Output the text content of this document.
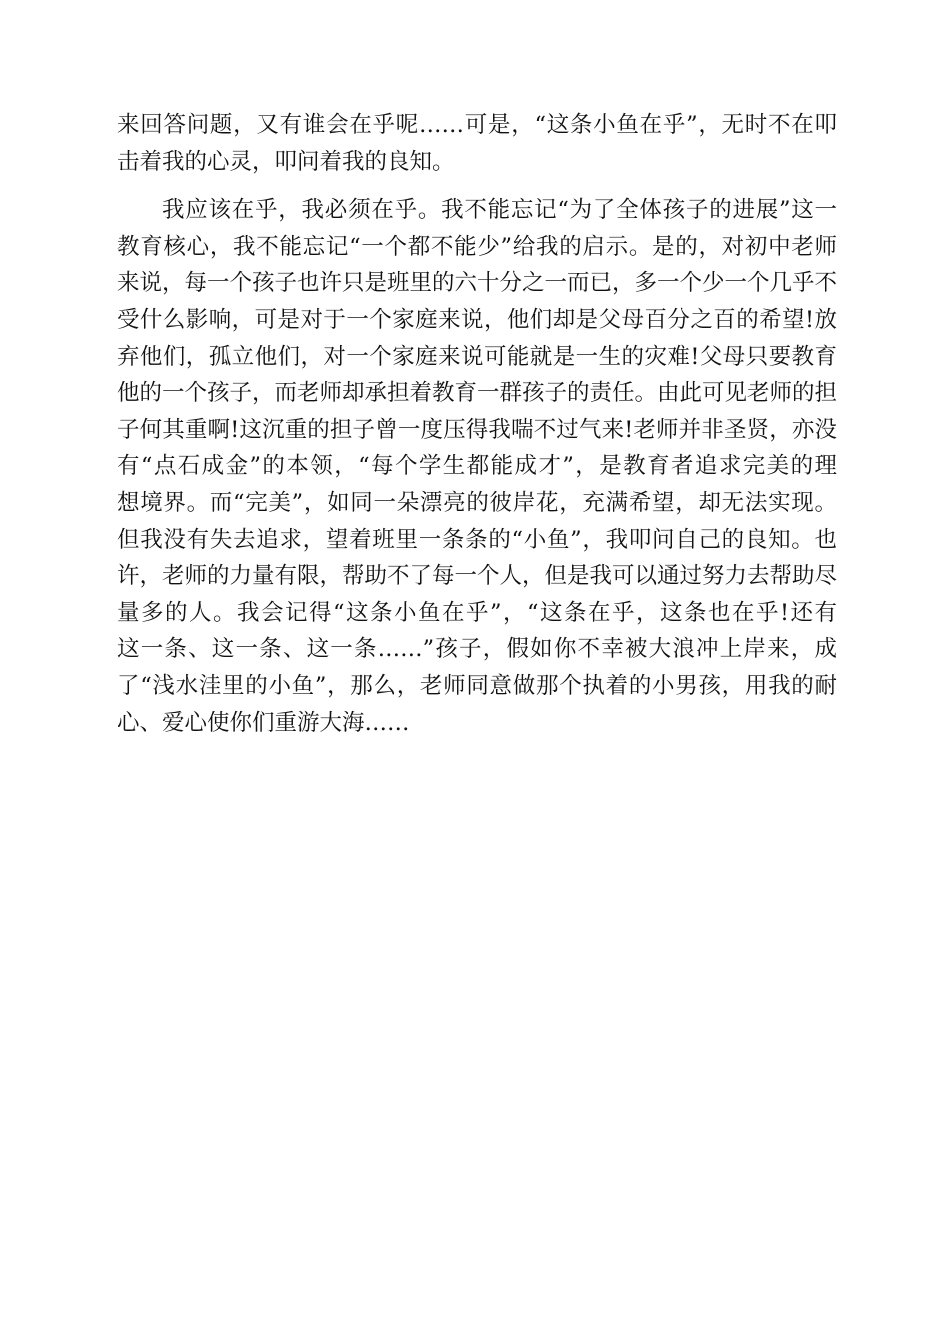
来回答问题，又有谁会在乎呢……可是，“这条小鱼在乎”，无时不在叩
击着我的心灵，叩问着我的良知。
我应该在乎，我必须在乎。我不能忘记“为了全体孩子的进展”这一
教育核心，我不能忘记“一个都不能少”给我的启示。是的，对初中老师
来说，每一个孩子也许只是班里的六十分之一而已，多一个少一个几乎不
受什么影响，可是对于一个家庭来说，他们却是父母百分之百的希望!放
弃他们，孤立他们，对一个家庭来说可能就是一生的灾难!父母只要教育
他的一个孩子，而老师却承担着教育一群孩子的责任。由此可见老师的担
子何其重啊!这沉重的担子曾一度压得我喘不过气来!老师并非圣贤，亦没
有“点石成金”的本领，“每个学生都能成才”，是教育者追求完美的理
想境界。而“完美”，如同一朵漂亮的彼岸花，充满希望，却无法实现。
但我没有失去追求，望着班里一条条的“小鱼”，我叩问自己的良知。也
许，老师的力量有限，帮助不了每一个人，但是我可以通过努力去帮助尽
量多的人。我会记得“这条小鱼在乎”，“这条在乎，这条也在乎!还有
这一条、这一条、这一条……”孩子，假如你不幸被大浪冲上岸来，成
了“浅水洼里的小鱼”，那么，老师同意做那个执着的小男孩，用我的耐
心、爱心使你们重游大海……
